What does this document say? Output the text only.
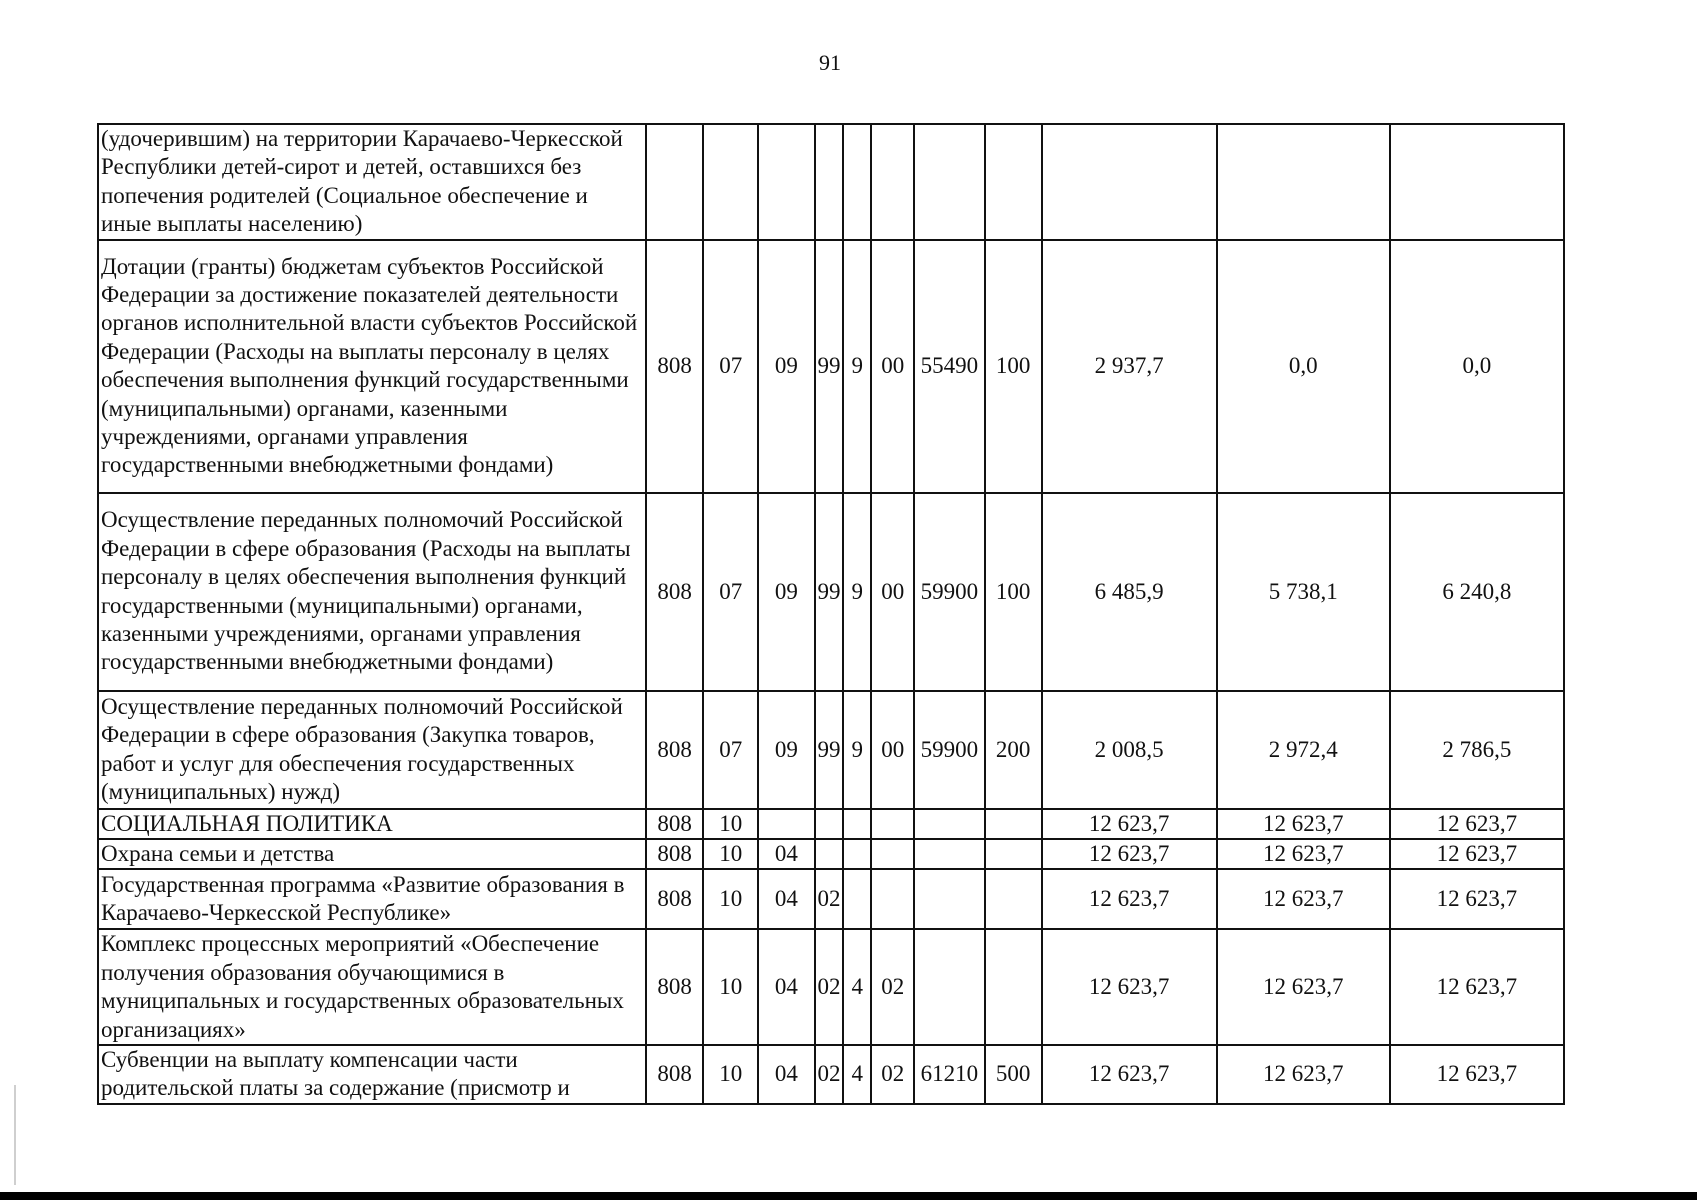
91
(удочерившим) на территории Карачаево-Черкесской Республики детей-сирот и детей, оставшихся без попечения родителей (Социальное обеспечение и иные выплаты населению)											
Дотации (гранты) бюджетам субъектов Российской Федерации за достижение показателей деятельности органов исполнительной власти субъектов Российской Федерации (Расходы на выплаты персоналу в целях обеспечения выполнения функций государственными (муниципальными) органами, казенными учреждениями, органами управления государственными внебюджетными фондами)	808	07	09	99	9	00	55490	100	2 937,7	0,0	0,0
Осуществление переданных полномочий Российской Федерации в сфере образования (Расходы на выплаты персоналу в целях обеспечения выполнения функций государственными (муниципальными) органами, казенными учреждениями, органами управления государственными внебюджетными фондами)	808	07	09	99	9	00	59900	100	6 485,9	5 738,1	6 240,8
Осуществление переданных полномочий Российской Федерации в сфере образования (Закупка товаров, работ и услуг для обеспечения государственных (муниципальных) нужд)	808	07	09	99	9	00	59900	200	2 008,5	2 972,4	2 786,5
СОЦИАЛЬНАЯ ПОЛИТИКА	808	10							12 623,7	12 623,7	12 623,7
Охрана семьи и детства	808	10	04						12 623,7	12 623,7	12 623,7
Государственная программа «Развитие образования в Карачаево-Черкесской Республике»	808	10	04	02					12 623,7	12 623,7	12 623,7
Комплекс процессных мероприятий «Обеспечение получения образования обучающимися в муниципальных и государственных образовательных организациях»	808	10	04	02	4	02			12 623,7	12 623,7	12 623,7
Субвенции на выплату компенсации части родительской платы за содержание (присмотр и	808	10	04	02	4	02	61210	500	12 623,7	12 623,7	12 623,7
